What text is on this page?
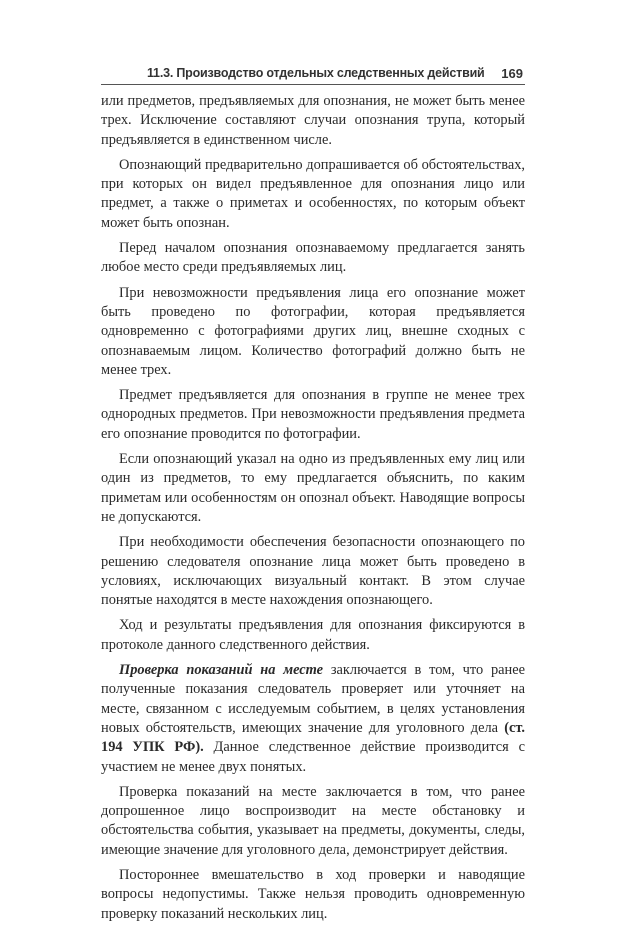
11.3. Производство отдельных следственных действий 169

или предметов, предъявляемых для опознания, не может быть менее трех. Исключение составляют случаи опознания трупа, который предъявляется в единственном числе.

Опознающий предварительно допрашивается об обстоятельствах, при которых он видел предъявленное для опознания лицо или предмет, а также о приметах и особенностях, по которым объект может быть опознан.

Перед началом опознания опознаваемому предлагается занять любое место среди предъявляемых лиц.

При невозможности предъявления лица его опознание может быть проведено по фотографии, которая предъявляется одновременно с фотографиями других лиц, внешне сходных с опознаваемым лицом. Количество фотографий должно быть не менее трех.

Предмет предъявляется для опознания в группе не менее трех однородных предметов. При невозможности предъявления предмета его опознание проводится по фотографии.

Если опознающий указал на одно из предъявленных ему лиц или один из предметов, то ему предлагается объяснить, по каким приметам или особенностям он опознал объект. Наводящие вопросы не допускаются.

При необходимости обеспечения безопасности опознающего по решению следователя опознание лица может быть проведено в условиях, исключающих визуальный контакт. В этом случае понятые находятся в месте нахождения опознающего.

Ход и результаты предъявления для опознания фиксируются в протоколе данного следственного действия.

Проверка показаний на месте заключается в том, что ранее полученные показания следователь проверяет или уточняет на месте, связанном с исследуемым событием, в целях установления новых обстоятельств, имеющих значение для уголовного дела (ст. 194 УПК РФ). Данное следственное действие производится с участием не менее двух понятых.

Проверка показаний на месте заключается в том, что ранее допрошенное лицо воспроизводит на месте обстановку и обстоятельства события, указывает на предметы, документы, следы, имеющие значение для уголовного дела, демонстрирует действия.

Постороннее вмешательство в ход проверки и наводящие вопросы недопустимы. Также нельзя проводить одновременную проверку показаний нескольких лиц.
